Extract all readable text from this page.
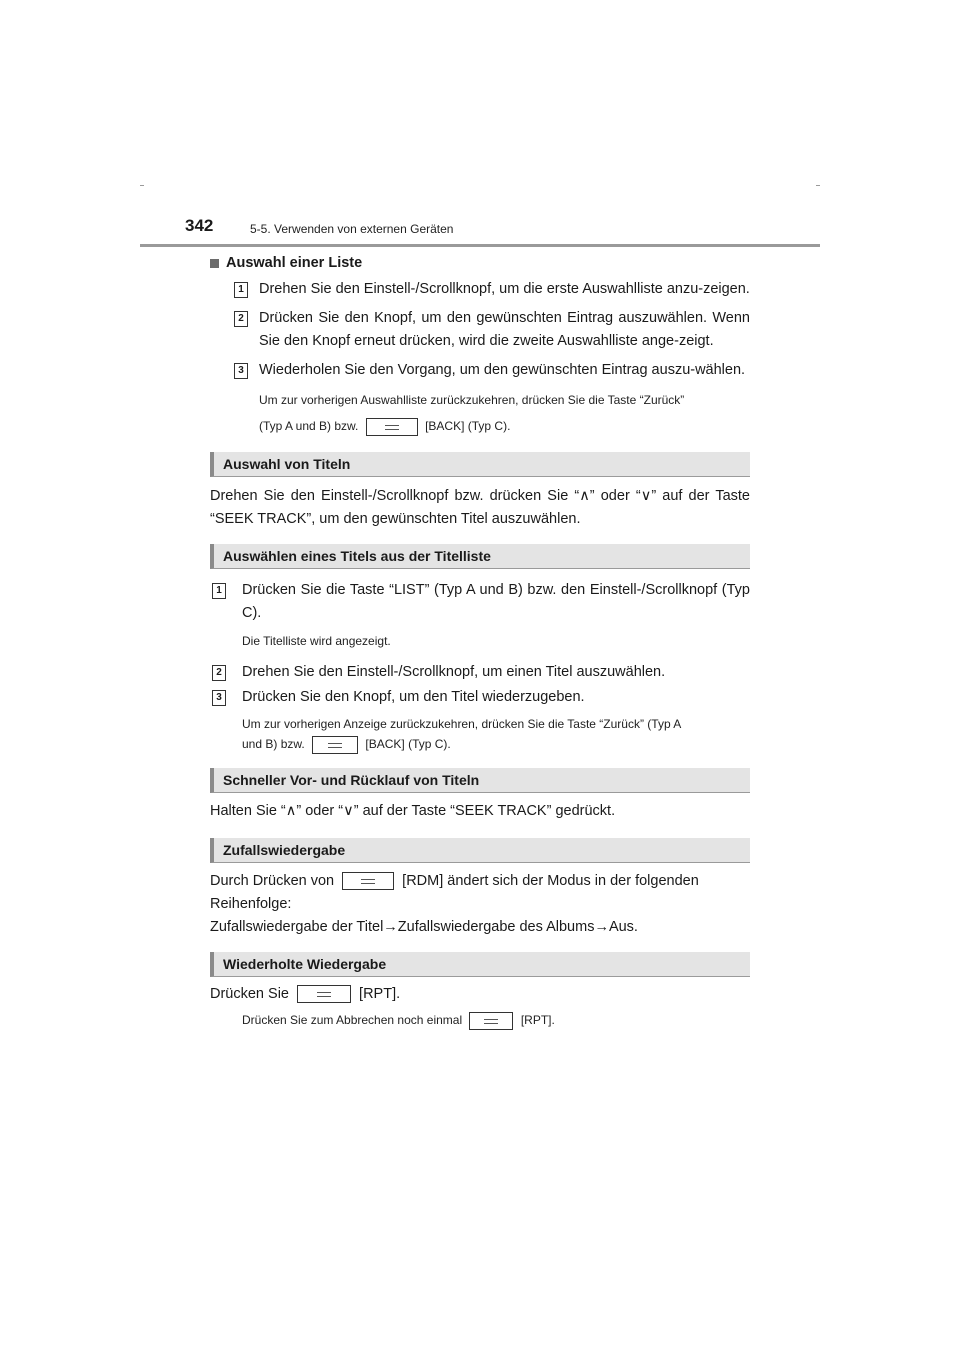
342	5-5. Verwenden von externen Geräten
Auswahl einer Liste
1 Drehen Sie den Einstell-/Scrollknopf, um die erste Auswahlliste anzu-zeigen.

2 Drücken Sie den Knopf, um den gewünschten Eintrag auszuwählen. Wenn Sie den Knopf erneut drücken, wird die zweite Auswahlliste ange-zeigt.

3 Wiederholen Sie den Vorgang, um den gewünschten Eintrag auszu-wählen.

Um zur vorherigen Auswahlliste zurückzukehren, drücken Sie die Taste “Zurück”

(Typ A und B) bzw.	[BACK] (Typ C).

Auswahl von Titeln

Drehen Sie den Einstell-/Scrollknopf bzw. drücken Sie “∧” oder “∨” auf der Taste “SEEK TRACK”, um den gewünschten Titel auszuwählen.

Auswählen eines Titels aus der Titelliste
1 Drücken Sie die Taste “LIST” (Typ A und B) bzw. den Einstell-/Scrollknopf (Typ C).

Die Titelliste wird angezeigt.

2 Drehen Sie den Einstell-/Scrollknopf, um einen Titel auszuwählen.

3 Drücken Sie den Knopf, um den Titel wiederzugeben.

Um zur vorherigen Anzeige zurückzukehren, drücken Sie die Taste “Zurück” (Typ A

und B) bzw.	[BACK] (Typ C).

Schneller Vor- und Rücklauf von Titeln

Halten Sie “∧” oder “∨” auf der Taste “SEEK TRACK” gedrückt.

Zufallswiedergabe

Durch Drücken von	[RDM] ändert sich der Modus in der folgenden

Reihenfolge:

Zufallswiedergabe der Titel→Zufallswiedergabe des Albums→Aus.

Wiederholte Wiedergabe

Drücken Sie	[RPT].

Drücken Sie zum Abbrechen noch einmal	[RPT].
